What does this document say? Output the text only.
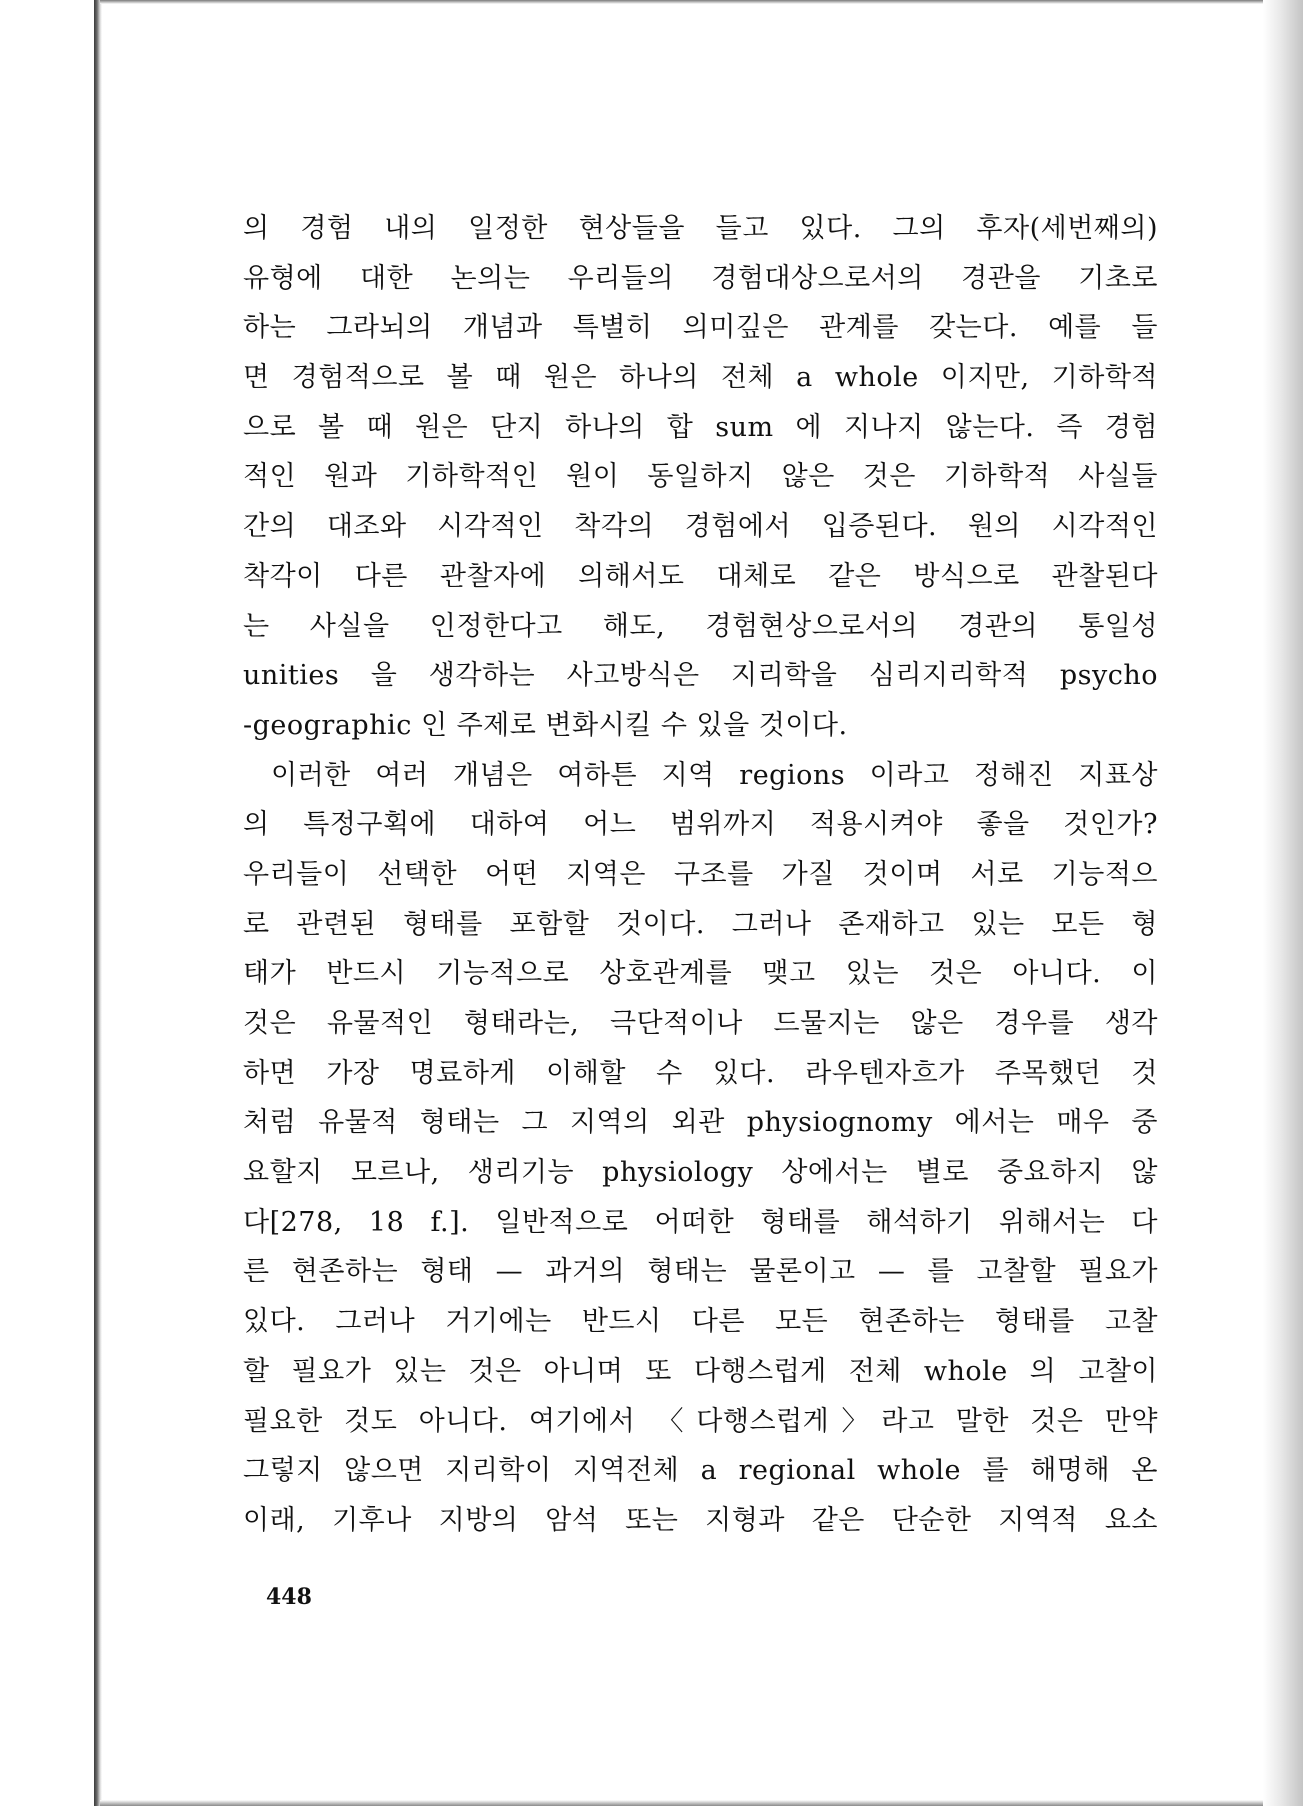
의 경험 내의 일정한 현상들을 들고 있다. 그의 후자(세번째의)
유형에 대한 논의는 우리들의 경험대상으로서의 경관을 기초로
하는 그라뇌의 개념과 특별히 의미깊은 관계를 갖는다. 예를 들
면 경험적으로 볼 때 원은 하나의 전체 a whole 이지만, 기하학적
으로 볼 때 원은 단지 하나의 합 sum 에 지나지 않는다. 즉 경험
적인 원과 기하학적인 원이 동일하지 않은 것은 기하학적 사실들
간의 대조와 시각적인 착각의 경험에서 입증된다. 원의 시각적인
착각이 다른 관찰자에 의해서도 대체로 같은 방식으로 관찰된다
는 사실을 인정한다고 해도, 경험현상으로서의 경관의 통일성
unities 을 생각하는 사고방식은 지리학을 심리지리학적 psycho
-geographic 인 주제로 변화시킬 수 있을 것이다.
이러한 여러 개념은 여하튼 지역 regions 이라고 정해진 지표상
의 특정구획에 대하여 어느 범위까지 적용시켜야 좋을 것인가?
우리들이 선택한 어떤 지역은 구조를 가질 것이며 서로 기능적으
로 관련된 형태를 포함할 것이다. 그러나 존재하고 있는 모든 형
태가 반드시 기능적으로 상호관계를 맺고 있는 것은 아니다. 이
것은 유물적인 형태라는, 극단적이나 드물지는 않은 경우를 생각
하면 가장 명료하게 이해할 수 있다. 라우텐자흐가 주목했던 것
처럼 유물적 형태는 그 지역의 외관 physiognomy 에서는 매우 중
요할지 모르나, 생리기능 physiology 상에서는 별로 중요하지 않
다[278, 18 f.]. 일반적으로 어떠한 형태를 해석하기 위해서는 다
른 현존하는 형태 — 과거의 형태는 물론이고 — 를 고찰할 필요가
있다. 그러나 거기에는 반드시 다른 모든 현존하는 형태를 고찰
할 필요가 있는 것은 아니며 또 다행스럽게 전체 whole 의 고찰이
필요한 것도 아니다. 여기에서 〈다행스럽게〉라고 말한 것은 만약
그렇지 않으면 지리학이 지역전체 a regional whole 를 해명해 온
이래, 기후나 지방의 암석 또는 지형과 같은 단순한 지역적 요소
448
